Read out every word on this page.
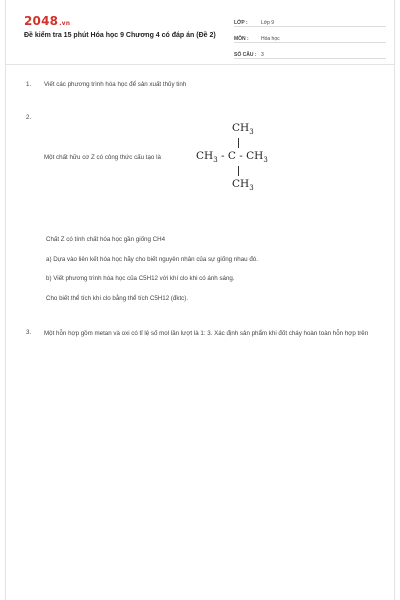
2048.vn
Đề kiểm tra 15 phút Hóa học 9 Chương 4 có đáp án (Đề 2)
LỚP :	Lớp 9
MÔN :	Hóa học
SỐ CÂU : 3
1. Viết các phương trình hóa học để sản xuất thủy tinh
2.
Một chất hữu cơ Z có công thức cấu tạo là
$CH_3$
$CH_3$ - C - $CH_3$
$CH_3$
Chất Z có tính chất hóa học gần giống CH4
a) Dựa vào liên kết hóa học hãy cho biết nguyên nhân của sự giống nhau đó.
b) Viết phương trình hóa học của C5H12 với khí clo khi có ánh sáng.
Cho biết thể tích khí clo bằng thể tích C5H12 (đktc).
3. Một hỗn hợp gồm metan và oxi có tỉ lệ số mol lần lượt là 1: 3. Xác định sản phẩm khi đốt cháy hoàn toàn hỗn hợp trên
